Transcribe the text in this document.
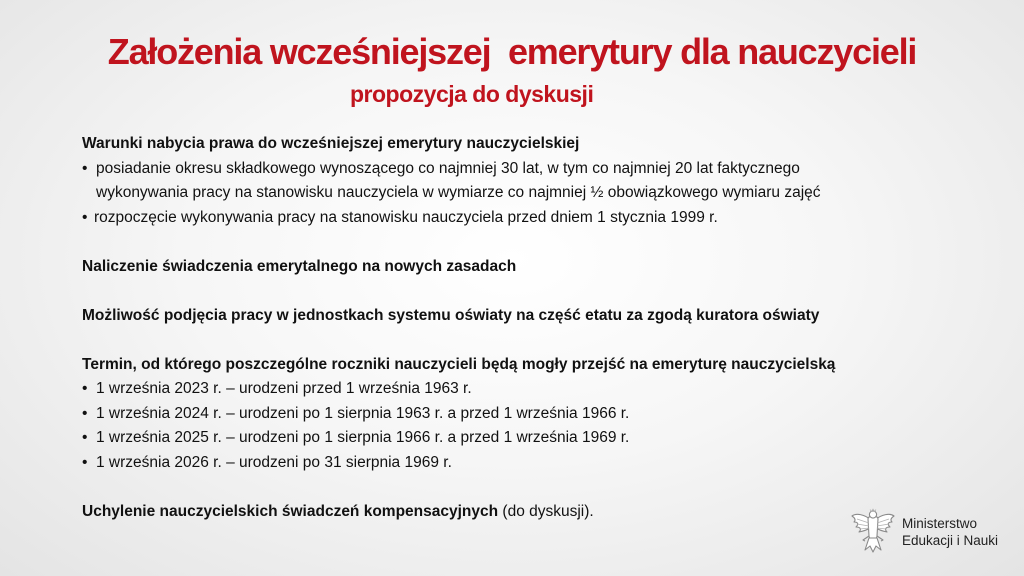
Założenia wcześniejszej  emerytury dla nauczycieli
propozycja do dyskusji
Warunki nabycia prawa do wcześniejszej emerytury nauczycielskiej
• posiadanie okresu składkowego wynoszącego co najmniej 30 lat, w tym co najmniej 20 lat faktycznego
wykonywania pracy na stanowisku nauczyciela w wymiarze co najmniej ½ obowiązkowego wymiaru zajęć
• rozpoczęcie wykonywania pracy na stanowisku nauczyciela przed dniem 1 stycznia 1999 r.
Naliczenie świadczenia emerytalnego na nowych zasadach
Możliwość podjęcia pracy w jednostkach systemu oświaty na część etatu za zgodą kuratora oświaty
Termin, od którego poszczególne roczniki nauczycieli będą mogły przejść na emeryturę nauczycielską
• 1 września 2023 r. – urodzeni przed 1 września 1963 r.
• 1 września 2024 r. – urodzeni po 1 sierpnia 1963 r. a przed 1 września 1966 r.
• 1 września 2025 r. – urodzeni po 1 sierpnia 1966 r. a przed 1 września 1969 r.
• 1 września 2026 r. – urodzeni po 31 sierpnia 1969 r.
Uchylenie nauczycielskich świadczeń kompensacyjnych (do dyskusji).
Ministerstwo
Edukacji i Nauki
